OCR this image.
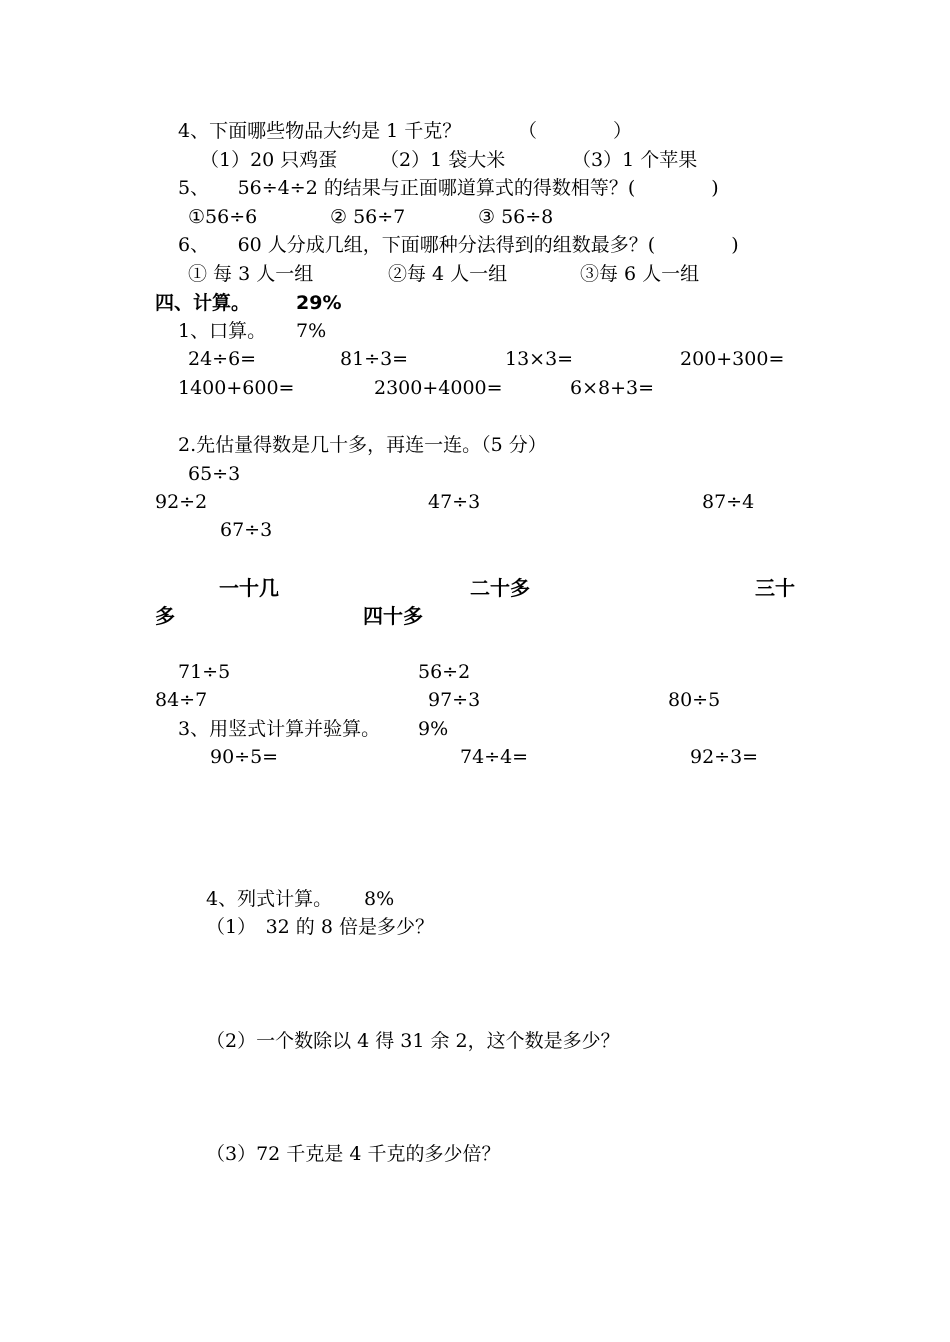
4、下面哪些物品大约是 1 千克？	（　　　　）
（1）20 只鸡蛋 （2）1 袋大米	（3）1 个苹果
5、　　56÷4÷2 的结果与正面哪道算式的得数相等？(　　　　)
①56÷6	② 56÷7	③ 56÷8
6、　　60 人分成几组，下面哪种分法得到的组数最多？(　　　　)
① 每 3 人一组	②每 4 人一组	③每 6 人一组
四、计算。 29%
1、口算。 7%
24÷6=	81÷3=	13×3=	200+300=
1400+600=	2300+4000=	6×8+3=
2.先估量得数是几十多，再连一连。（5 分）
65÷3
92÷2	47÷3	87÷4
67÷3
一十几	二十多	三十
多	四十多
71÷5	56÷2
84÷7	97÷3	80÷5
3、用竖式计算并验算。 9%
90÷5=	74÷4=	92÷3=
4、列式计算。 8%
（1）　32 的 8 倍是多少？
（2）一个数除以 4 得 31 余 2，这个数是多少？
（3）72 千克是 4 千克的多少倍？
